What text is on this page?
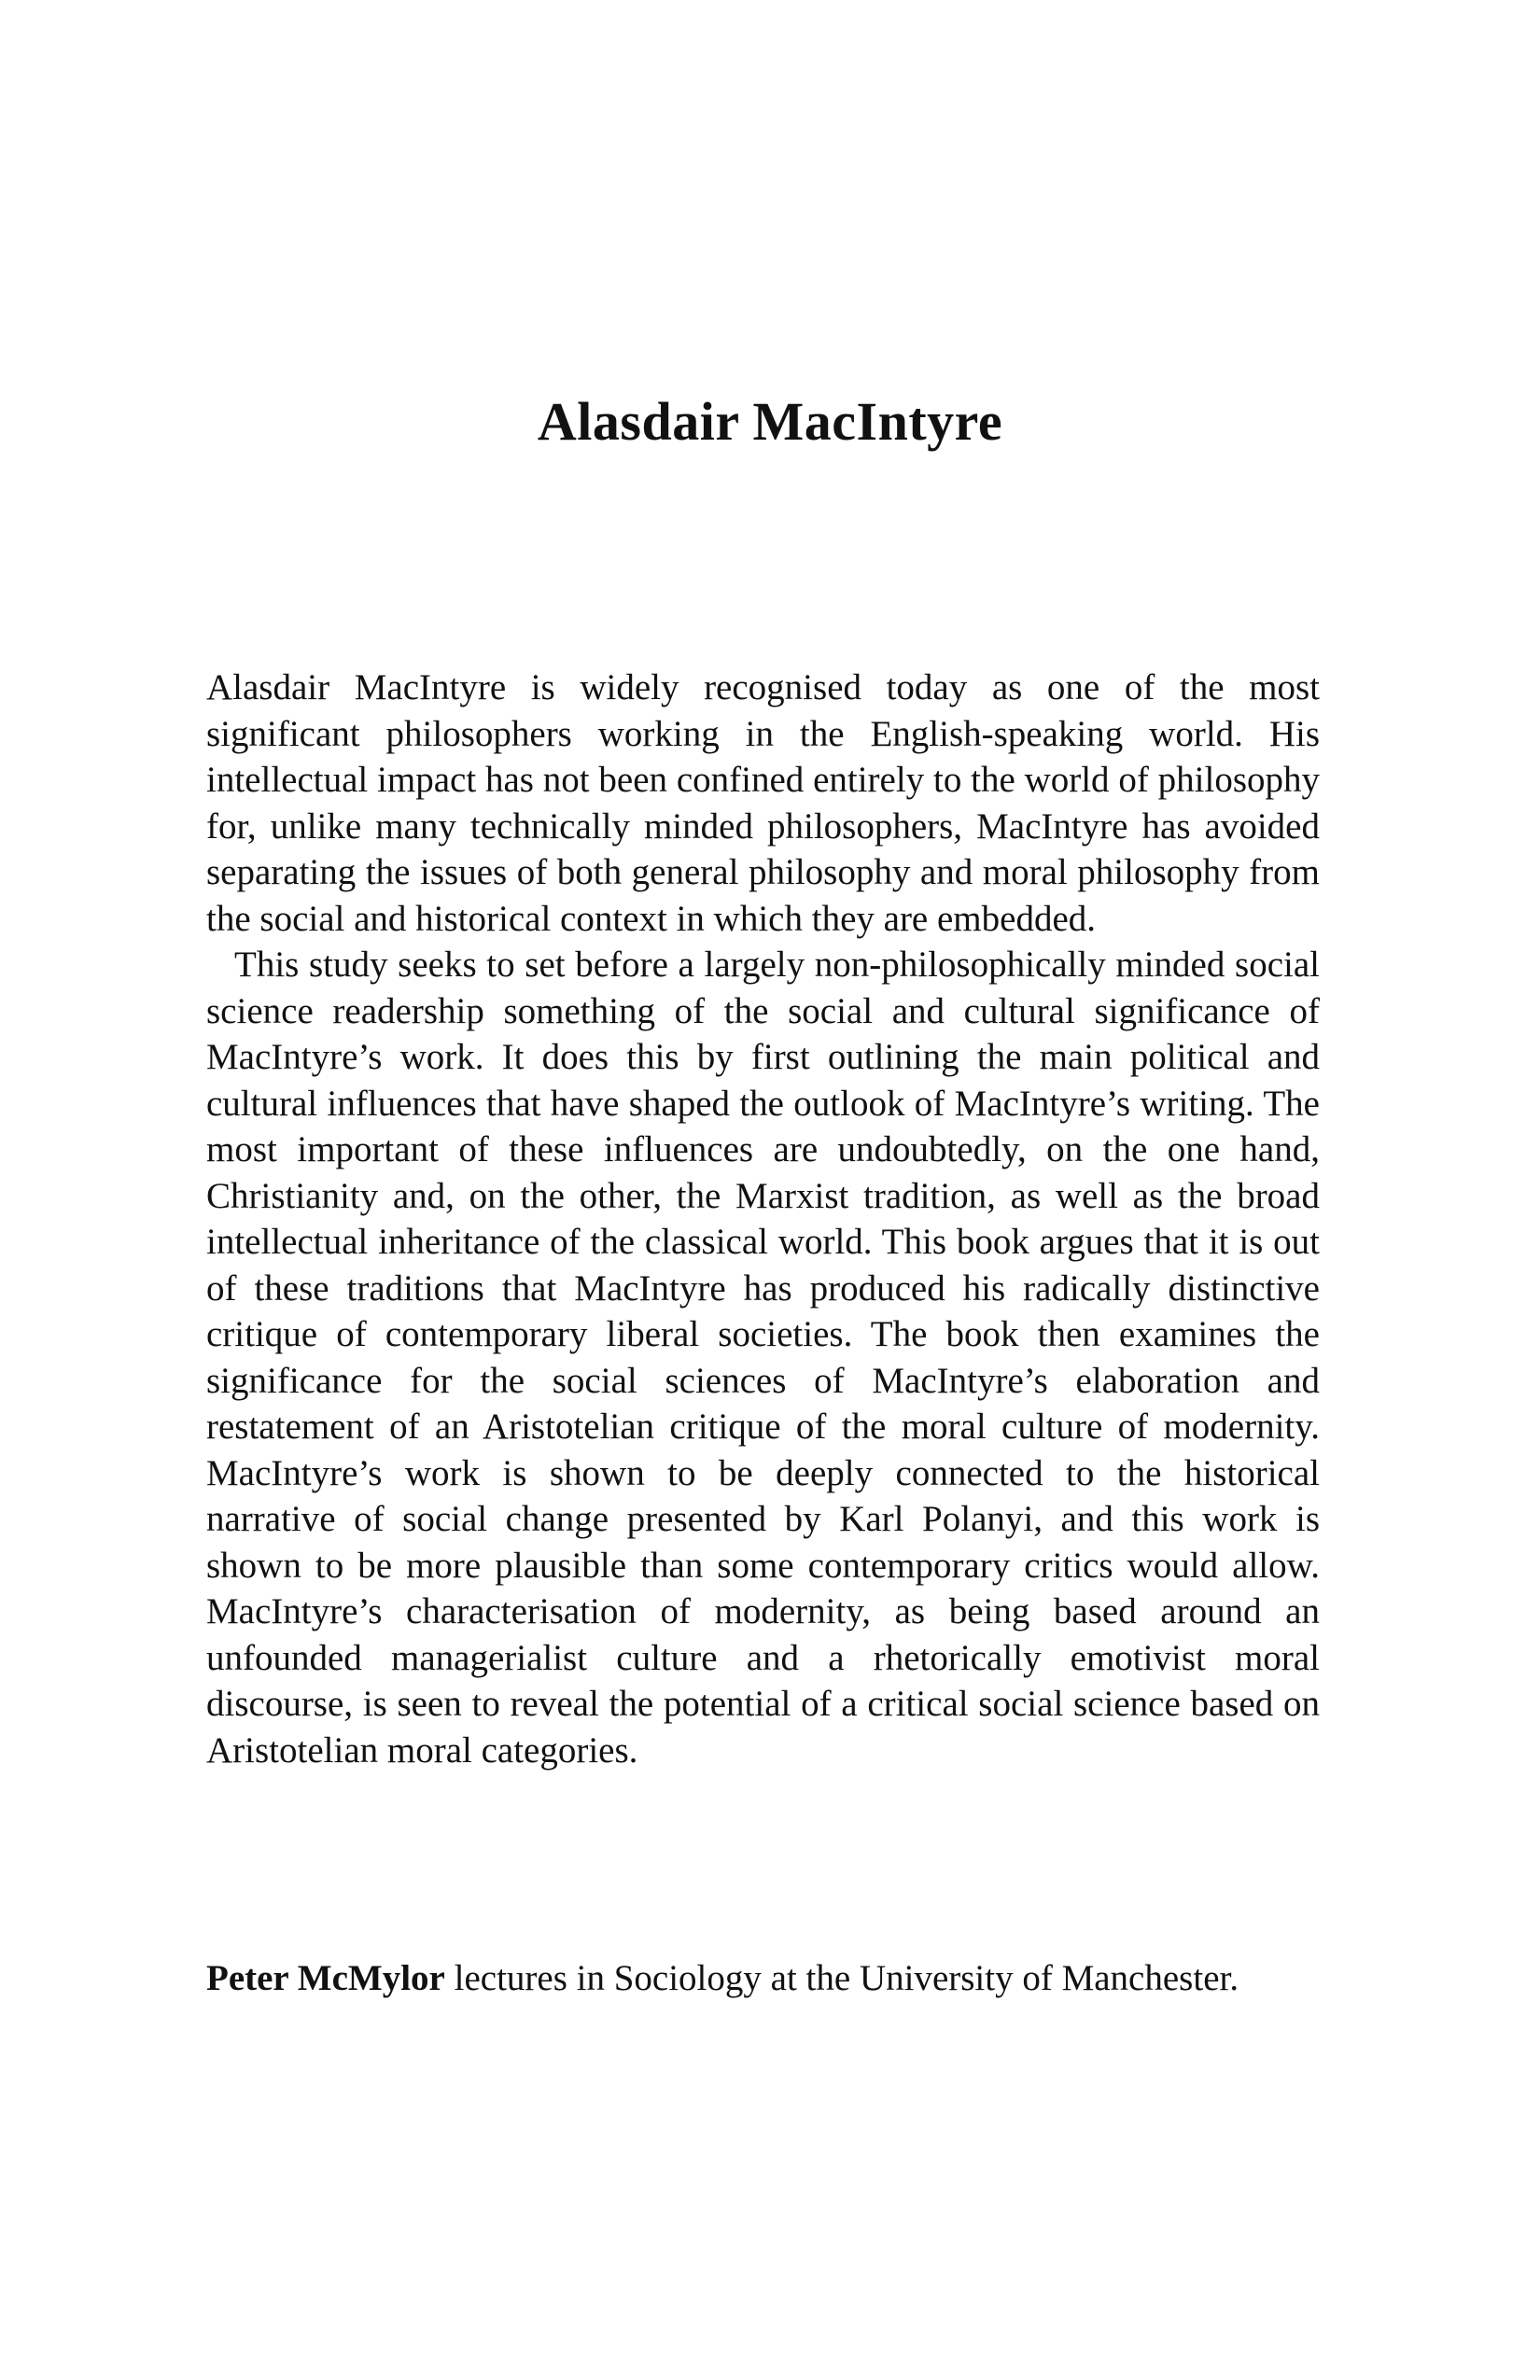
Alasdair MacIntyre

Alasdair MacIntyre is widely recognised today as one of the most significant philosophers working in the English-speaking world. His intellectual impact has not been confined entirely to the world of philosophy for, unlike many technically minded philosophers, MacIntyre has avoided separating the issues of both general philosophy and moral philosophy from the social and historical context in which they are embedded.

This study seeks to set before a largely non-philosophically minded social science readership something of the social and cultural significance of MacIntyre’s work. It does this by first outlining the main political and cultural influences that have shaped the outlook of MacIntyre’s writing. The most important of these influences are undoubtedly, on the one hand, Christianity and, on the other, the Marxist tradition, as well as the broad intellectual inheritance of the classical world. This book argues that it is out of these traditions that MacIntyre has produced his radically distinctive critique of contemporary liberal societies. The book then examines the significance for the social sciences of MacIntyre’s elaboration and restatement of an Aristotelian critique of the moral culture of modernity. MacIntyre’s work is shown to be deeply connected to the historical narrative of social change presented by Karl Polanyi, and this work is shown to be more plausible than some contemporary critics would allow. MacIntyre’s characterisation of modernity, as being based around an unfounded managerialist culture and a rhetorically emotivist moral discourse, is seen to reveal the potential of a critical social science based on Aristotelian moral categories.

Peter McMylor lectures in Sociology at the University of Manchester.
